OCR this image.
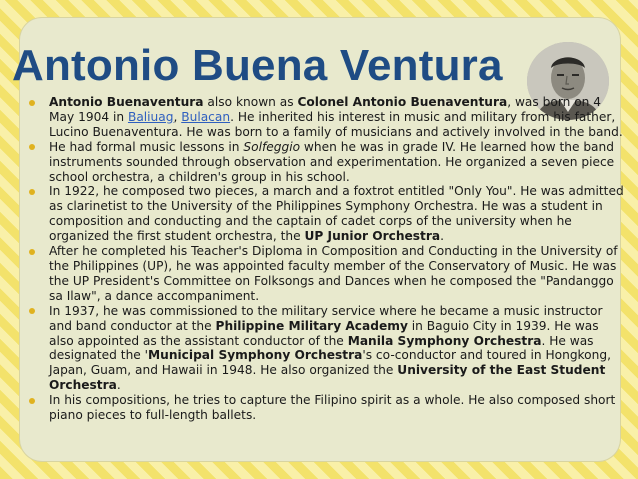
Antonio Buena Ventura
Antonio Buenaventura also known as Colonel Antonio Buenaventura, was born on 4 May 1904 in Baliuag, Bulacan. He inherited his interest in music and military from his father, Lucino Buenaventura. He was born to a family of musicians and actively involved in the band.
He had formal music lessons in Solfeggio when he was in grade IV. He learned how the band instruments sounded through observation and experimentation. He organized a seven piece school orchestra, a children's group in his school.
In 1922, he composed two pieces, a march and a foxtrot entitled "Only You". He was admitted as clarinetist to the University of the Philippines Symphony Orchestra. He was a student in composition and conducting and the captain of cadet corps of the university when he organized the first student orchestra, the UP Junior Orchestra.
After he completed his Teacher's Diploma in Composition and Conducting in the University of the Philippines (UP), he was appointed faculty member of the Conservatory of Music. He was the UP President's Committee on Folksongs and Dances when he composed the "Pandanggo sa Ilaw", a dance accompaniment.
In 1937, he was commissioned to the military service where he became a music instructor and band conductor at the Philippine Military Academy in Baguio City in 1939. He was also appointed as the assistant conductor of the Manila Symphony Orchestra. He was designated the 'Municipal Symphony Orchestra's co-conductor and toured in Hongkong, Japan, Guam, and Hawaii in 1948. He also organized the University of the East Student Orchestra.
In his compositions, he tries to capture the Filipino spirit as a whole. He also composed short piano pieces to full-length ballets.
